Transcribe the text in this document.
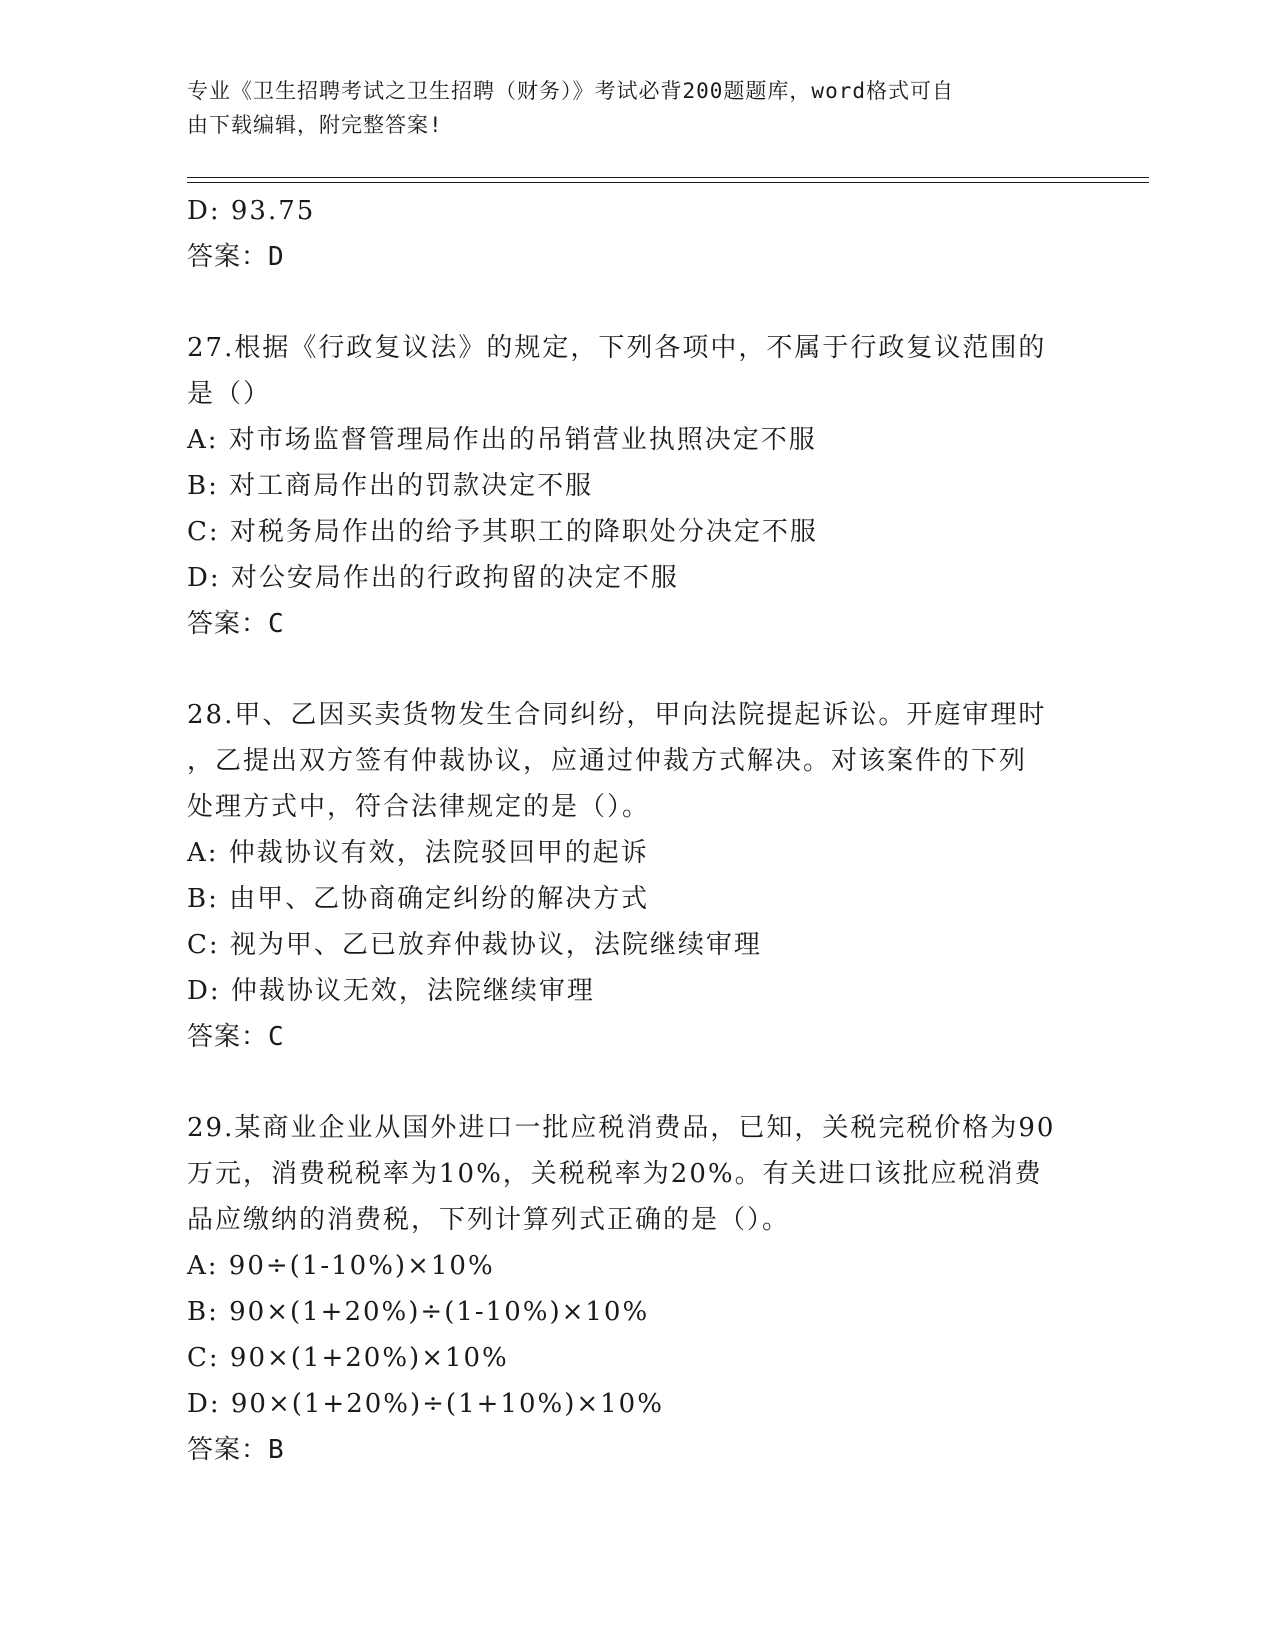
专业《卫生招聘考试之卫生招聘（财务）》考试必背200题题库，word格式可自
由下载编辑，附完整答案!
D: 93.75
答案：D
27.根据《行政复议法》的规定，下列各项中，不属于行政复议范围的
是（）
A: 对市场监督管理局作出的吊销营业执照决定不服
B: 对工商局作出的罚款决定不服
C: 对税务局作出的给予其职工的降职处分决定不服
D: 对公安局作出的行政拘留的决定不服
答案：C
28.甲、乙因买卖货物发生合同纠纷，甲向法院提起诉讼。开庭审理时
，乙提出双方签有仲裁协议，应通过仲裁方式解决。对该案件的下列
处理方式中，符合法律规定的是（）。
A: 仲裁协议有效，法院驳回甲的起诉
B: 由甲、乙协商确定纠纷的解决方式
C: 视为甲、乙已放弃仲裁协议，法院继续审理
D: 仲裁协议无效，法院继续审理
答案：C
29.某商业企业从国外进口一批应税消费品，已知，关税完税价格为90
万元，消费税税率为10%，关税税率为20%。有关进口该批应税消费
品应缴纳的消费税，下列计算列式正确的是（）。
A: 90÷(1-10%)×10%
B: 90×(1+20%)÷(1-10%)×10%
C: 90×(1+20%)×10%
D: 90×(1+20%)÷(1+10%)×10%
答案：B
